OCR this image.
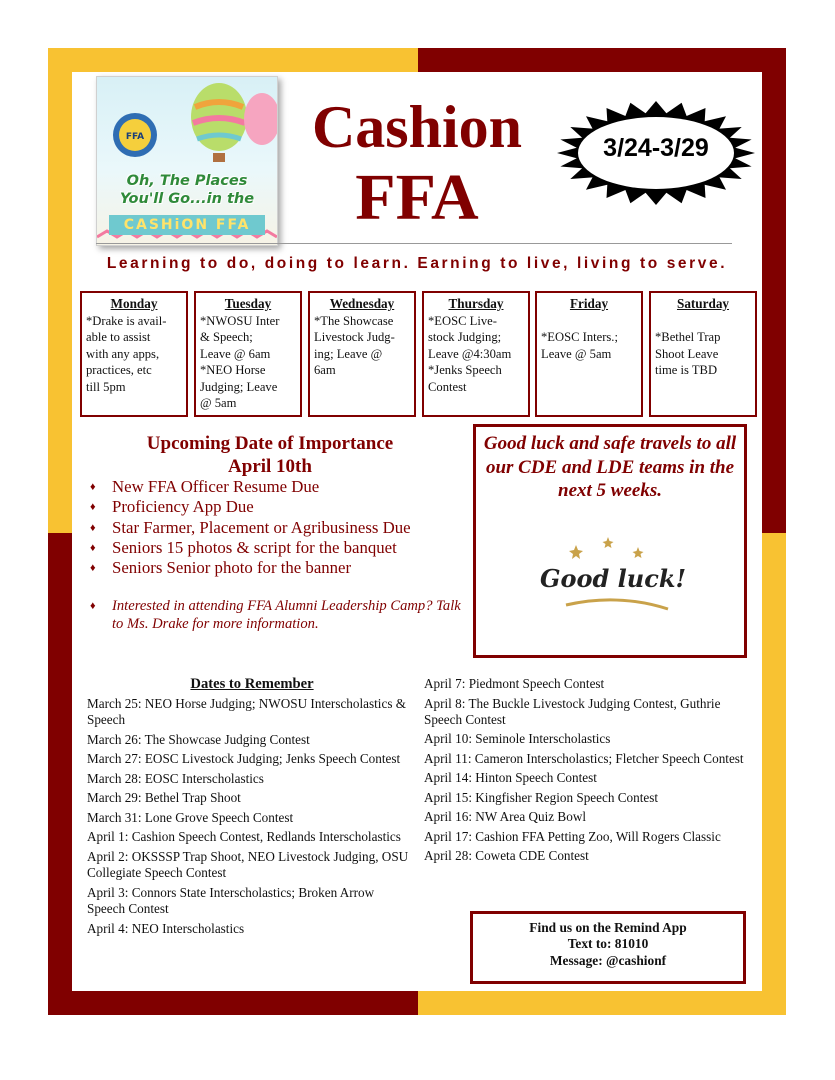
FFA
Oh, The Places
You'll Go...in the
CASHiON FFA
Cashion
FFA
3/24-3/29
Learning to do, doing to learn. Earning to live, living to serve.
Monday
*Drake is avail-
able to assist
with any apps,
practices, etc
till 5pm
Tuesday
*NWOSU Inter
& Speech;
Leave @ 6am
*NEO Horse
Judging; Leave
@ 5am
Wednesday
*The Showcase
Livestock Judg-
ing; Leave @
6am
Thursday
*EOSC Live-
stock Judging;
Leave @4:30am
*Jenks Speech
Contest
Friday

*EOSC Inters.;
Leave @ 5am
Saturday

*Bethel Trap
Shoot Leave
time is TBD
Upcoming Date of Importance
April 10th
♦ New FFA Officer Resume Due
♦ Proficiency App Due
♦ Star Farmer, Placement or Agribusiness Due
♦ Seniors 15 photos & script for the banquet
♦ Seniors Senior photo for the banner
♦ Interested in attending FFA Alumni Leadership Camp? Talk to Ms. Drake for more information.
Good luck and safe travels to all our CDE and LDE teams in the next 5 weeks.
Good luck!
Dates to Remember
March 25: NEO Horse Judging; NWOSU Interscholastics & Speech
March 26: The Showcase Judging Contest
March 27: EOSC Livestock Judging; Jenks Speech Contest
March 28: EOSC Interscholastics
March 29: Bethel Trap Shoot
March 31: Lone Grove Speech Contest
April 1: Cashion Speech Contest, Redlands Interscholastics
April 2: OKSSSP Trap Shoot, NEO Livestock Judging, OSU Collegiate Speech Contest
April 3: Connors State Interscholastics; Broken Arrow Speech Contest
April 4: NEO Interscholastics
April 7: Piedmont Speech Contest
April 8: The Buckle Livestock Judging Contest, Guthrie Speech Contest
April 10: Seminole Interscholastics
April 11: Cameron Interscholastics; Fletcher Speech Contest
April 14: Hinton Speech Contest
April 15: Kingfisher Region Speech Contest
April 16: NW Area Quiz Bowl
April 17: Cashion FFA Petting Zoo, Will Rogers Classic
April 28: Coweta CDE Contest
Find us on the Remind App
Text to: 81010
Message: @cashionf
